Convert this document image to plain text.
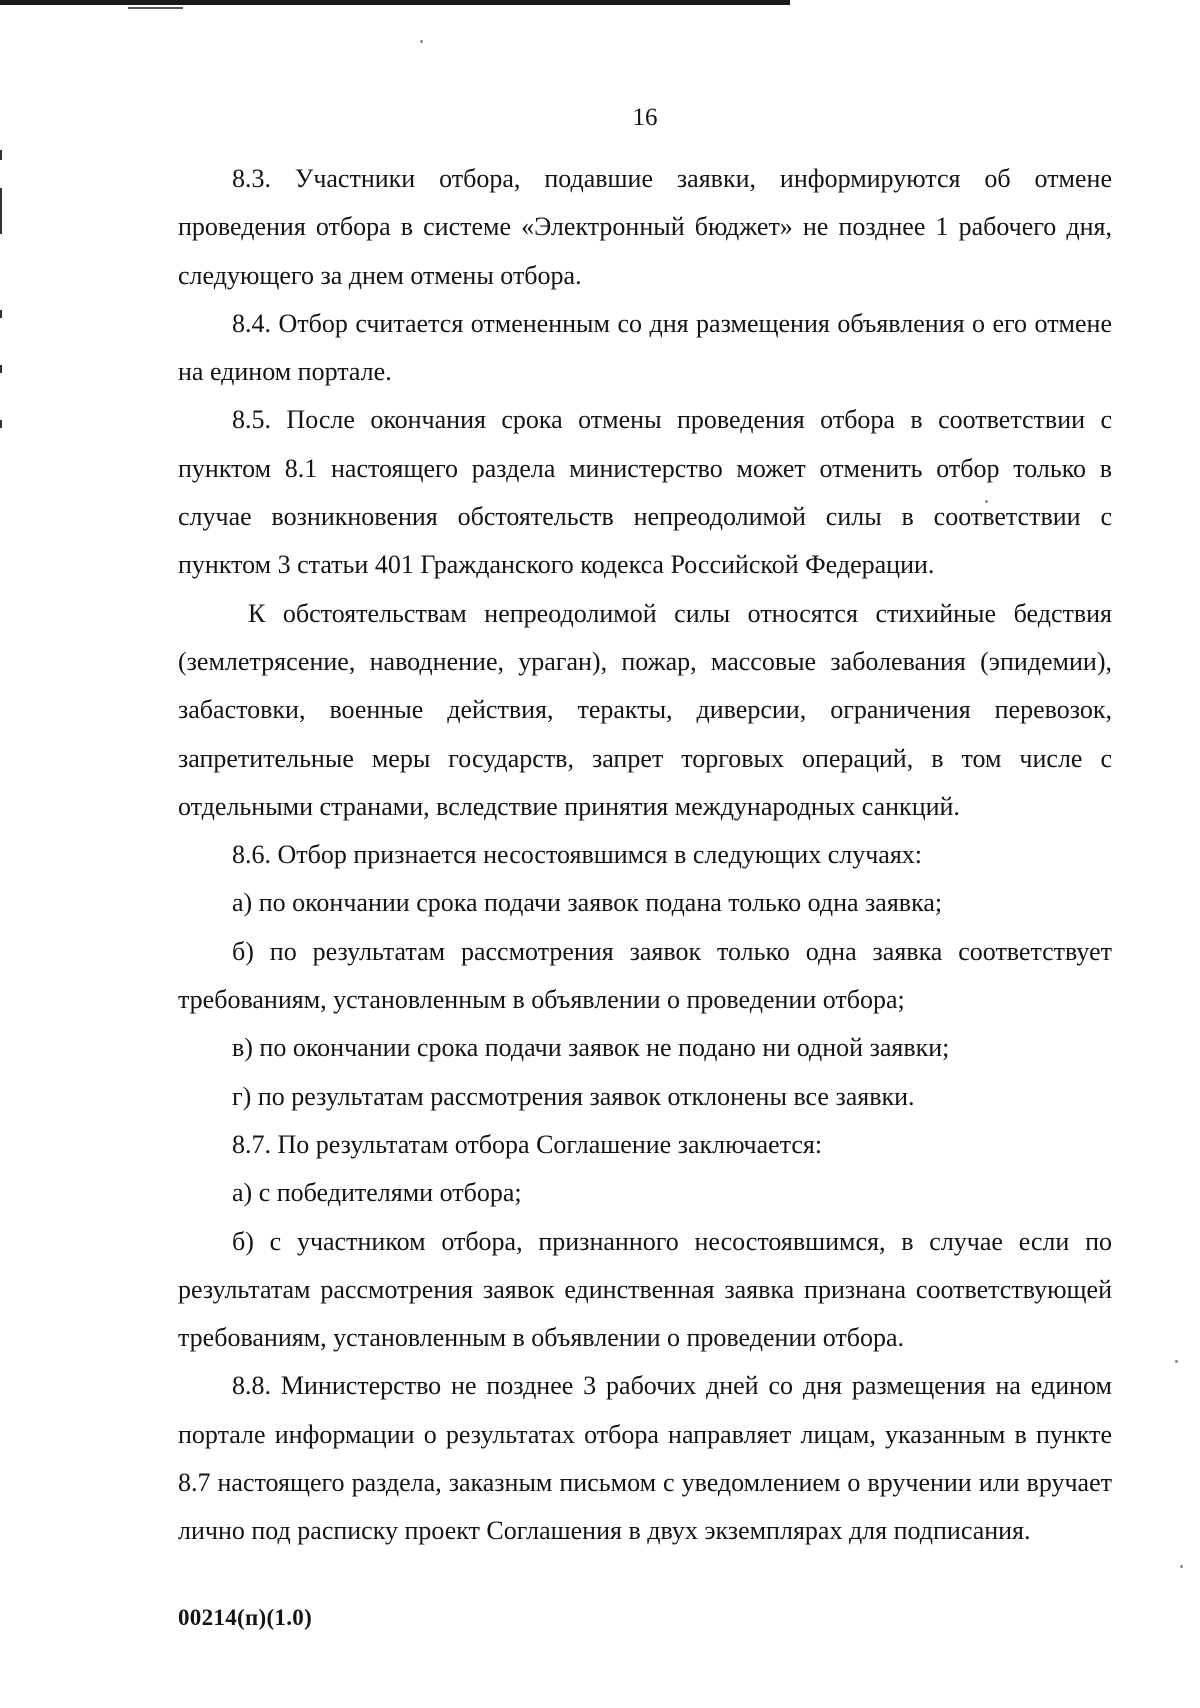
16

8.3. Участники отбора, подавшие заявки, информируются об отмене проведения отбора в системе «Электронный бюджет» не позднее 1 рабочего дня, следующего за днем отмены отбора.

8.4. Отбор считается отмененным со дня размещения объявления о его отмене на едином портале.

8.5. После окончания срока отмены проведения отбора в соответствии с пунктом 8.1 настоящего раздела министерство может отменить отбор только в случае возникновения обстоятельств непреодолимой силы в соответствии с пунктом 3 статьи 401 Гражданского кодекса Российской Федерации.

К обстоятельствам непреодолимой силы относятся стихийные бедствия (землетрясение, наводнение, ураган), пожар, массовые заболевания (эпидемии), забастовки, военные действия, теракты, диверсии, ограничения перевозок, запретительные меры государств, запрет торговых операций, в том числе с отдельными странами, вследствие принятия международных санкций.

8.6. Отбор признается несостоявшимся в следующих случаях:

а) по окончании срока подачи заявок подана только одна заявка;

б) по результатам рассмотрения заявок только одна заявка соответствует требованиям, установленным в объявлении о проведении отбора;

в) по окончании срока подачи заявок не подано ни одной заявки;

г) по результатам рассмотрения заявок отклонены все заявки.

8.7. По результатам отбора Соглашение заключается:

а) с победителями отбора;

б) с участником отбора, признанного несостоявшимся, в случае если по результатам рассмотрения заявок единственная заявка признана соответствующей требованиям, установленным в объявлении о проведении отбора.

8.8. Министерство не позднее 3 рабочих дней со дня размещения на едином портале информации о результатах отбора направляет лицам, указанным в пункте 8.7 настоящего раздела, заказным письмом с уведомлением о вручении или вручает лично под расписку проект Соглашения в двух экземплярах для подписания.

00214(п)(1.0)
